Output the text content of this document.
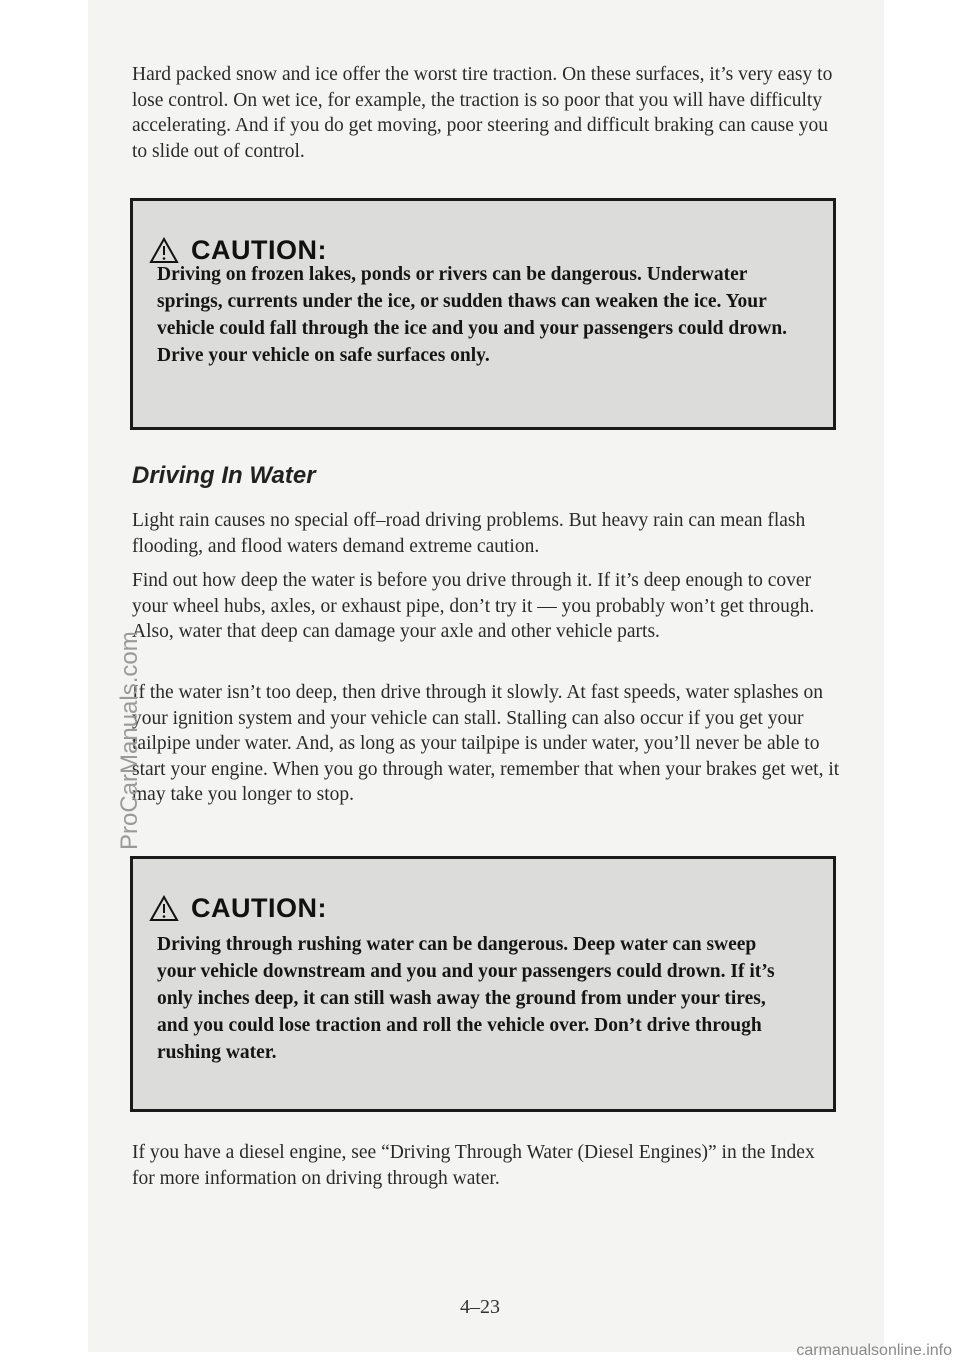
Hard packed snow and ice offer the worst tire traction. On these surfaces, it’s very easy to lose control. On wet ice, for example, the traction is so poor that you will have difficulty accelerating. And if you do get moving, poor steering and difficult braking can cause you to slide out of control.

CAUTION:

Driving on frozen lakes, ponds or rivers can be dangerous. Underwater springs, currents under the ice, or sudden thaws can weaken the ice. Your vehicle could fall through the ice and you and your passengers could drown. Drive your vehicle on safe surfaces only.

Driving In Water

Light rain causes no special off–road driving problems. But heavy rain can mean flash flooding, and flood waters demand extreme caution.

Find out how deep the water is before you drive through it. If it’s deep enough to cover your wheel hubs, axles, or exhaust pipe, don’t try it — you probably won’t get through. Also, water that deep can damage your axle and other vehicle parts.

If the water isn’t too deep, then drive through it slowly. At fast speeds, water splashes on your ignition system and your vehicle can stall. Stalling can also occur if you get your tailpipe under water. And, as long as your tailpipe is under water, you’ll never be able to start your engine. When you go through water, remember that when your brakes get wet, it may take you longer to stop.

CAUTION:

Driving through rushing water can be dangerous. Deep water can sweep your vehicle downstream and you and your passengers could drown. If it’s only inches deep, it can still wash away the ground from under your tires, and you could lose traction and roll the vehicle over. Don’t drive through rushing water.

If you have a diesel engine, see “Driving Through Water (Diesel Engines)” in the Index for more information on driving through water.

4–23
ProCarManuals.com
carmanualsonline.info
